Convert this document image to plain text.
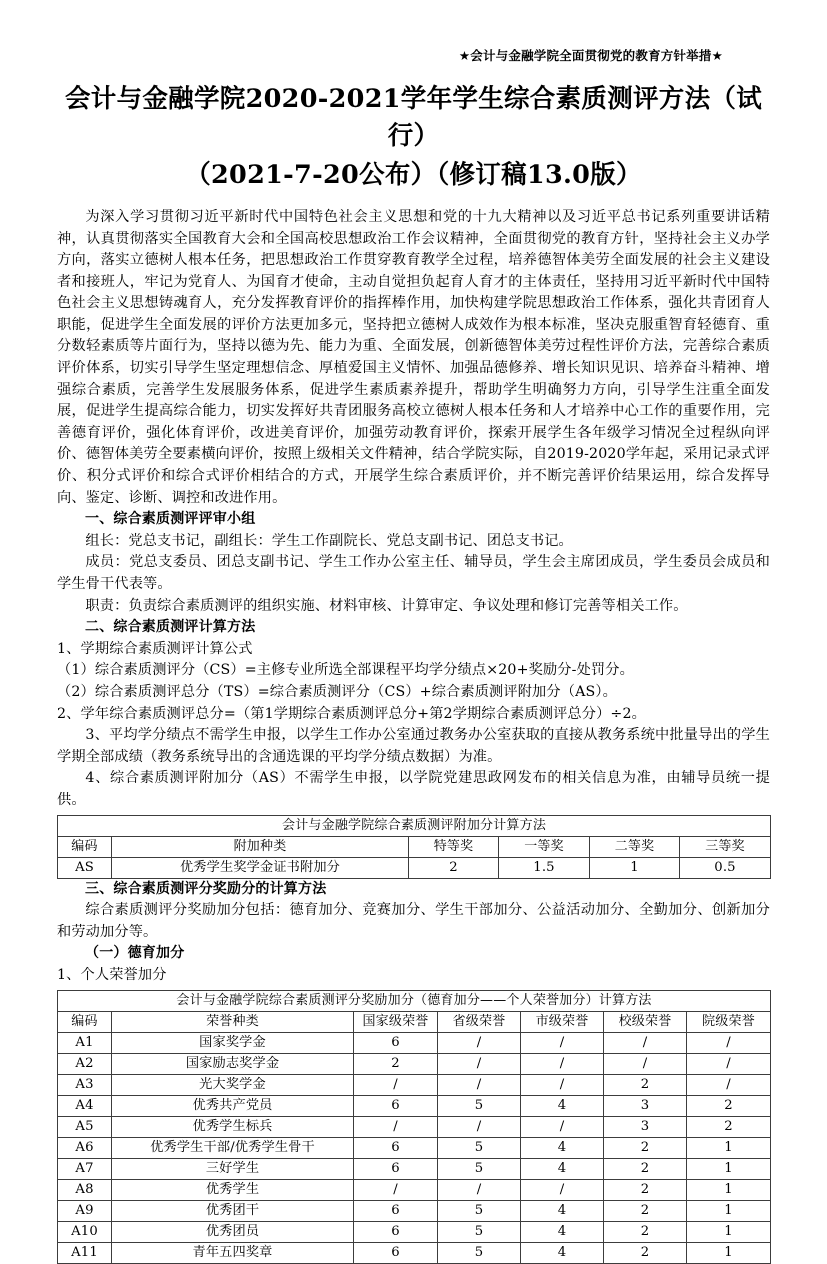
★会计与金融学院全面贯彻党的教育方针举措★
会计与金融学院2020-2021学年学生综合素质测评方法（试行）
（2021-7-20公布）（修订稿13.0版）

为深入学习贯彻习近平新时代中国特色社会主义思想和党的十九大精神以及习近平总书记系列重要讲话精神，认真贯彻落实全国教育大会和全国高校思想政治工作会议精神，全面贯彻党的教育方针，坚持社会主义办学方向，落实立德树人根本任务，把思想政治工作贯穿教育教学全过程，培养德智体美劳全面发展的社会主义建设者和接班人，牢记为党育人、为国育才使命，主动自觉担负起育人育才的主体责任，坚持用习近平新时代中国特色社会主义思想铸魂育人，充分发挥教育评价的指挥棒作用，加快构建学院思想政治工作体系，强化共青团育人职能，促进学生全面发展的评价方法更加多元，坚持把立德树人成效作为根本标准，坚决克服重智育轻德育、重分数轻素质等片面行为，坚持以德为先、能力为重、全面发展，创新德智体美劳过程性评价方法，完善综合素质评价体系，切实引导学生坚定理想信念、厚植爱国主义情怀、加强品德修养、增长知识见识、培养奋斗精神、增强综合素质，完善学生发展服务体系，促进学生素质素养提升，帮助学生明确努力方向，引导学生注重全面发展，促进学生提高综合能力，切实发挥好共青团服务高校立德树人根本任务和人才培养中心工作的重要作用，完善德育评价，强化体育评价，改进美育评价，加强劳动教育评价，探索开展学生各年级学习情况全过程纵向评价、德智体美劳全要素横向评价，按照上级相关文件精神，结合学院实际，自2019-2020学年起，采用记录式评价、积分式评价和综合式评价相结合的方式，开展学生综合素质评价，并不断完善评价结果运用，综合发挥导向、鉴定、诊断、调控和改进作用。

一、综合素质测评评审小组

组长：党总支书记，副组长：学生工作副院长、党总支副书记、团总支书记。

成员：党总支委员、团总支副书记、学生工作办公室主任、辅导员，学生会主席团成员，学生委员会成员和学生骨干代表等。

职责：负责综合素质测评的组织实施、材料审核、计算审定、争议处理和修订完善等相关工作。

二、综合素质测评计算方法

1、学期综合素质测评计算公式

（1）综合素质测评分（CS）=主修专业所选全部课程平均学分绩点×20+奖励分-处罚分。

（2）综合素质测评总分（TS）=综合素质测评分（CS）+综合素质测评附加分（AS）。

2、学年综合素质测评总分=（第1学期综合素质测评总分+第2学期综合素质测评总分）÷2。

3、平均学分绩点不需学生申报，以学生工作办公室通过教务办公室获取的直接从教务系统中批量导出的学生学期全部成绩（教务系统导出的含通选课的平均学分绩点数据）为准。

4、综合素质测评附加分（AS）不需学生申报，以学院党建思政网发布的相关信息为准，由辅导员统一提供。

会计与金融学院综合素质测评附加分计算方法					
编码	附加种类	特等奖	一等奖	二等奖	三等奖
AS	优秀学生奖学金证书附加分	2	1.5	1	0.5

三、综合素质测评分奖励分的计算方法

综合素质测评分奖励加分包括：德育加分、竞赛加分、学生干部加分、公益活动加分、全勤加分、创新加分和劳动加分等。

（一）德育加分

1、个人荣誉加分

会计与金融学院综合素质测评分奖励加分（德育加分——个人荣誉加分）计算方法						
编码	荣誉种类	国家级荣誉	省级荣誉	市级荣誉	校级荣誉	院级荣誉
A1	国家奖学金	6	/	/	/	/
A2	国家励志奖学金	2	/	/	/	/
A3	光大奖学金	/	/	/	2	/
A4	优秀共产党员	6	5	4	3	2
A5	优秀学生标兵	/	/	/	3	2
A6	优秀学生干部/优秀学生骨干	6	5	4	2	1
A7	三好学生	6	5	4	2	1
A8	优秀学生	/	/	/	2	1
A9	优秀团干	6	5	4	2	1
A10	优秀团员	6	5	4	2	1
A11	青年五四奖章	6	5	4	2	1
